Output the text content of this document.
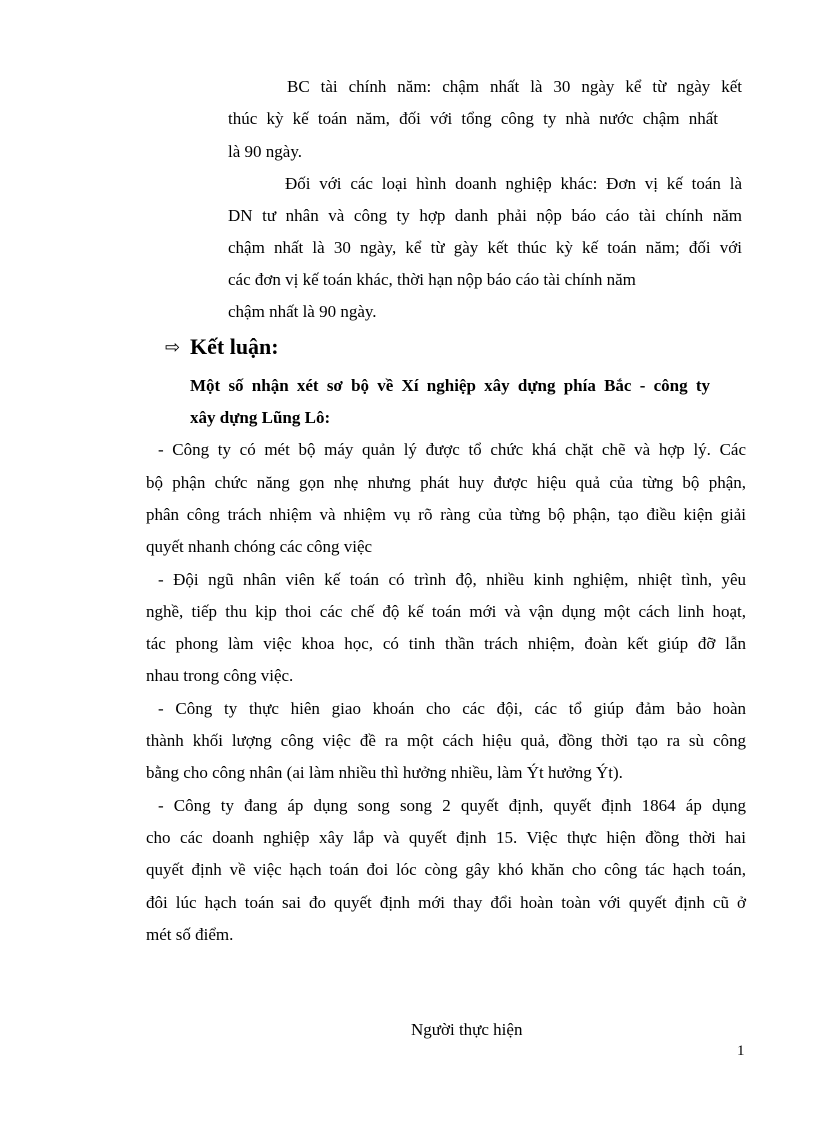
BC tài chính năm: chậm nhất là 30 ngày kể từ ngày kết
thúc kỳ kế toán năm, đối với tổng công ty nhà nước chậm nhất
là 90 ngày.
Đối với các loại hình doanh nghiệp khác: Đơn vị kế toán là
DN tư nhân và công ty hợp danh phải nộp báo cáo tài chính năm
chậm nhất là 30 ngày, kể từ gày kết thúc kỳ kế toán năm; đối với
các đơn vị kế toán khác, thời hạn nộp báo cáo tài chính năm
chậm nhất là 90 ngày.
⇨ Kết luận:
Một số nhận xét sơ bộ về Xí nghiệp xây dựng phía Bắc - công ty
xây dựng Lũng Lô:
- Công ty có mét bộ máy quản lý được tổ chức khá chặt chẽ và hợp lý. Các
bộ phận chức năng gọn nhẹ nhưng phát huy được hiệu quả của từng bộ phận,
phân công trách nhiệm và nhiệm vụ rõ ràng của từng bộ phận, tạo điều kiện giải
quyết nhanh chóng các công việc
- Đội ngũ nhân viên kế toán có trình độ, nhiều kinh nghiệm, nhiệt tình, yêu
nghề, tiếp thu kịp thoi các chế độ kế toán mới và vận dụng một cách linh hoạt,
tác phong làm việc khoa học, có tinh thần trách nhiệm, đoàn kết giúp đỡ lẫn
nhau trong công việc.
- Công ty thực hiên giao khoán cho các đội, các tổ giúp đảm bảo hoàn
thành khối lượng công việc đề ra một cách hiệu quả, đồng thời tạo ra sù công
bằng cho công nhân (ai làm nhiều thì hưởng nhiều, làm Ýt hưởng Ýt).
- Công ty đang áp dụng song song 2 quyết định, quyết định 1864 áp dụng
cho các doanh nghiệp xây lắp và quyết định 15. Việc thực hiện đồng thời hai
quyết định về việc hạch toán đoi lóc còng gây khó khăn cho công tác hạch toán,
đôi lúc hạch toán sai đo quyết định mới thay đổi hoàn toàn với quyết định cũ ở
mét số điểm.
Người thực hiện
1
